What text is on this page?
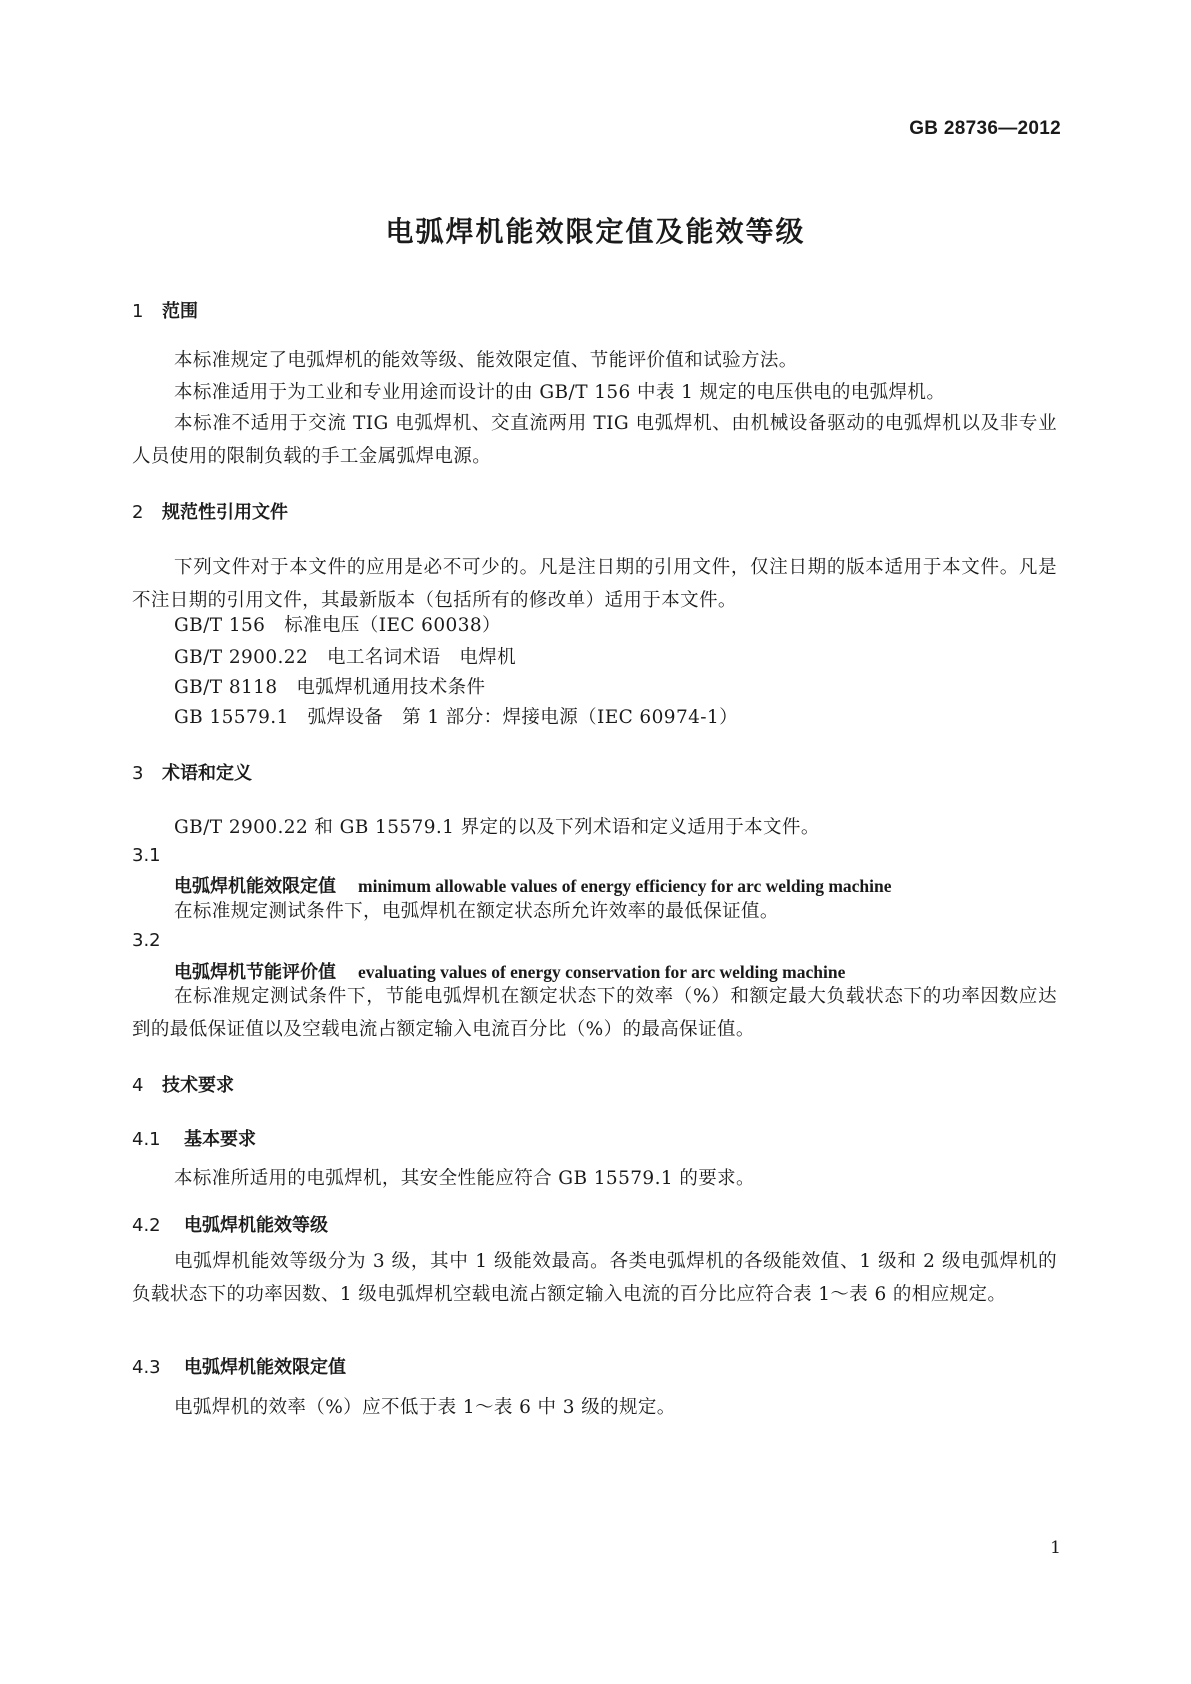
GB 28736—2012
电弧焊机能效限定值及能效等级
1 范围
本标准规定了电弧焊机的能效等级、能效限定值、节能评价值和试验方法。
本标准适用于为工业和专业用途而设计的由 GB/T 156 中表 1 规定的电压供电的电弧焊机。
本标准不适用于交流 TIG 电弧焊机、交直流两用 TIG 电弧焊机、由机械设备驱动的电弧焊机以及非专业人员使用的限制负载的手工金属弧焊电源。
2 规范性引用文件
下列文件对于本文件的应用是必不可少的。凡是注日期的引用文件，仅注日期的版本适用于本文件。凡是不注日期的引用文件，其最新版本（包括所有的修改单）适用于本文件。
GB/T 156　标准电压（IEC 60038）
GB/T 2900.22　电工名词术语　电焊机
GB/T 8118　电弧焊机通用技术条件
GB 15579.1　弧焊设备　第 1 部分：焊接电源（IEC 60974-1）
3 术语和定义
GB/T 2900.22 和 GB 15579.1 界定的以及下列术语和定义适用于本文件。
3.1
电弧焊机能效限定值 minimum allowable values of energy efficiency for arc welding machine
在标准规定测试条件下，电弧焊机在额定状态所允许效率的最低保证值。
3.2
电弧焊机节能评价值 evaluating values of energy conservation for arc welding machine
在标准规定测试条件下，节能电弧焊机在额定状态下的效率（%）和额定最大负载状态下的功率因数应达到的最低保证值以及空载电流占额定输入电流百分比（%）的最高保证值。
4 技术要求
4.1 基本要求
本标准所适用的电弧焊机，其安全性能应符合 GB 15579.1 的要求。
4.2 电弧焊机能效等级
电弧焊机能效等级分为 3 级，其中 1 级能效最高。各类电弧焊机的各级能效值、1 级和 2 级电弧焊机的负载状态下的功率因数、1 级电弧焊机空载电流占额定输入电流的百分比应符合表 1～表 6 的相应规定。
4.3 电弧焊机能效限定值
电弧焊机的效率（%）应不低于表 1～表 6 中 3 级的规定。
1
